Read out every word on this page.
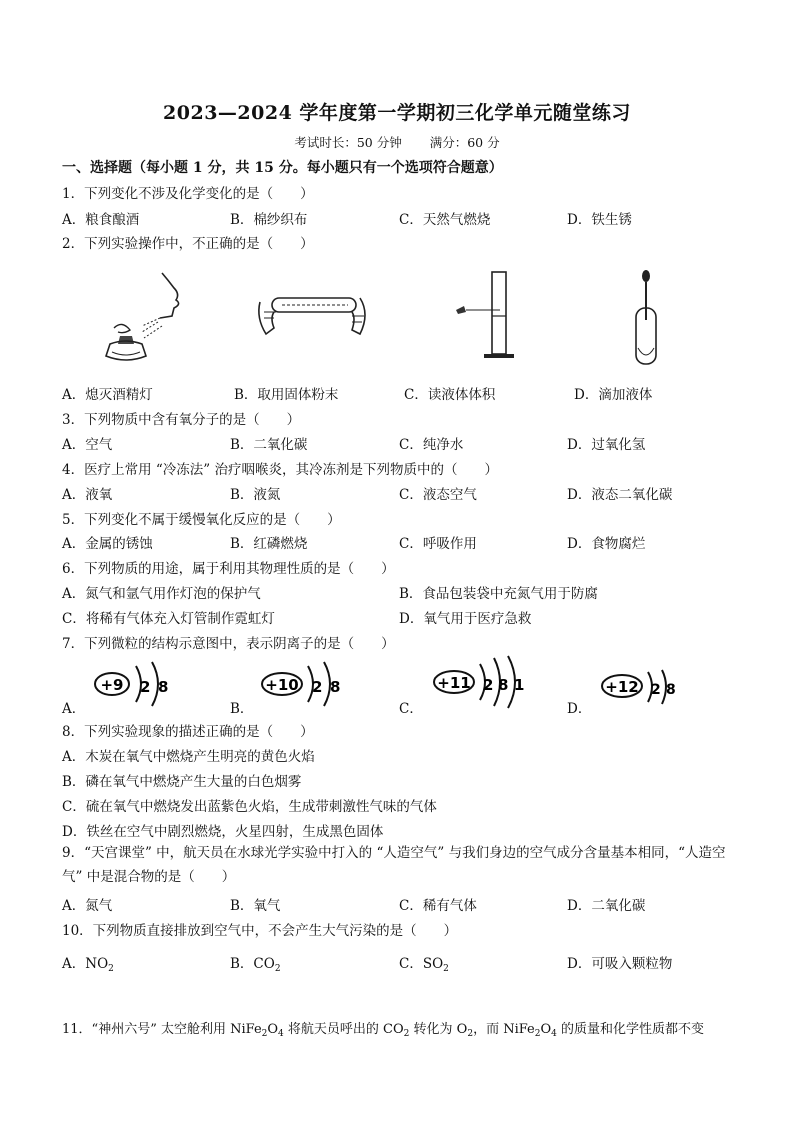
2023—2024 学年度第一学期初三化学单元随堂练习
考试时长：50 分钟 满分：60 分
一、选择题（每小题 1 分，共 15 分。每小题只有一个选项符合题意）
1．下列变化不涉及化学变化的是（　　）
A．粮食酿酒	B．棉纱织布	C．天然气燃烧	D．铁生锈
2．下列实验操作中，不正确的是（　　）
A．熄灭酒精灯	B．取用固体粉末	C．读液体体积	D．滴加液体
3．下列物质中含有氧分子的是（　　）
A．空气	B．二氧化碳	C．纯净水	D．过氧化氢
4．医疗上常用 “冷冻法” 治疗咽喉炎，其冷冻剂是下列物质中的（　　）
A．液氧	B．液氮	C．液态空气	D．液态二氧化碳
5．下列变化不属于缓慢氧化反应的是（　　）
A．金属的锈蚀	B．红磷燃烧	C．呼吸作用	D．食物腐烂
6．下列物质的用途，属于利用其物理性质的是（　　）
A．氮气和氩气用作灯泡的保护气	B．食品包装袋中充氮气用于防腐
C．将稀有气体充入灯管制作霓虹灯	D．氧气用于医疗急救
7．下列微粒的结构示意图中，表示阴离子的是（　　）
A．
+9 2 8
B．
+10 2 8
C．
+11 2 8 1
D．
+12 2 8
8．下列实验现象的描述正确的是（　　）
A．木炭在氧气中燃烧产生明亮的黄色火焰
B．磷在氧气中燃烧产生大量的白色烟雾
C．硫在氧气中燃烧发出蓝紫色火焰，生成带刺激性气味的气体
D．铁丝在空气中剧烈燃烧，火星四射，生成黑色固体
9．“天宫课堂” 中，航天员在水球光学实验中打入的 “人造空气” 与我们身边的空气成分含量基本相同，“人造空气” 中是混合物的是（　　）
A．氮气	B．氧气	C．稀有气体	D．二氧化碳
10．下列物质直接排放到空气中，不会产生大气污染的是（　　）
A．$NO_2$	B．$CO_2$	C．$SO_2$	D．可吸入颗粒物
11．“神州六号” 太空舱利用 $NiFe_2O_4$ 将航天员呼出的 $CO_2$ 转化为 $O_2$，而 $NiFe_2O_4$ 的质量和化学性质都不变
